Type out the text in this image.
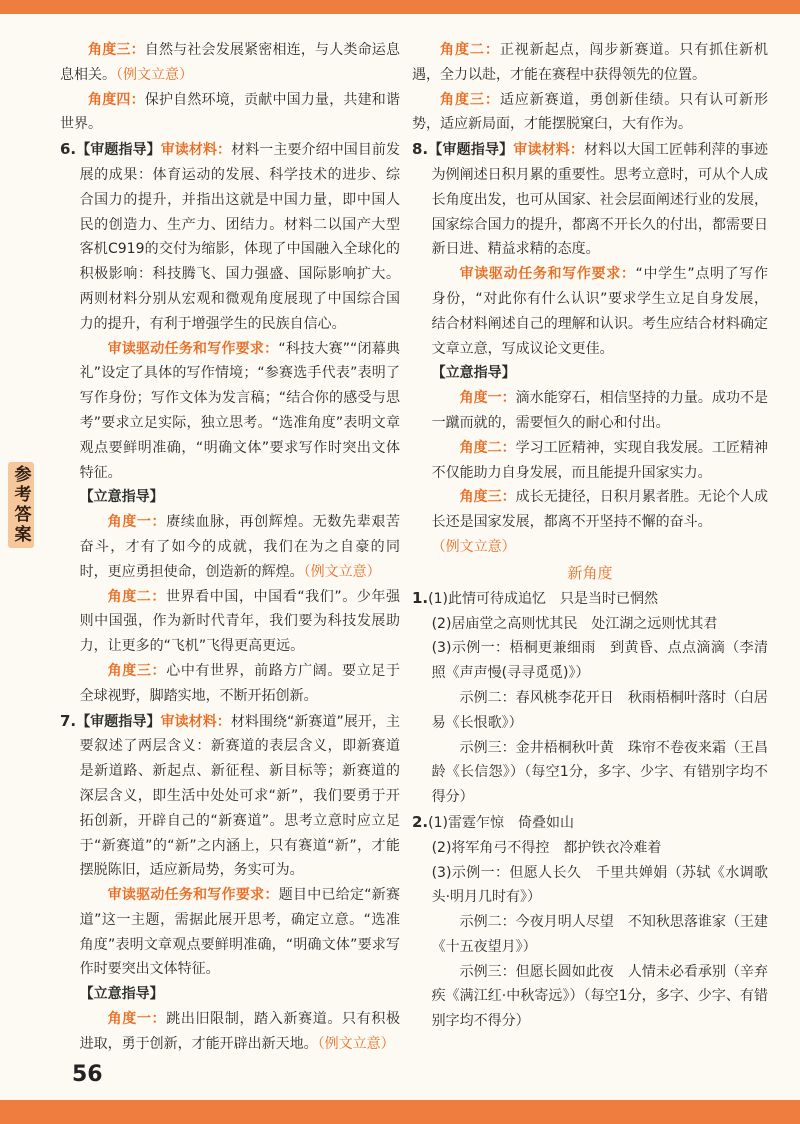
角度三：自然与社会发展紧密相连，与人类命运息息相关。（例文立意）

角度四：保护自然环境，贡献中国力量，共建和谐世界。

6.【审题指导】审读材料：材料一主要介绍中国目前发展的成果：体育运动的发展、科学技术的进步、综合国力的提升，并指出这就是中国力量，即中国人民的创造力、生产力、团结力。材料二以国产大型客机C919的交付为缩影，体现了中国融入全球化的积极影响：科技腾飞、国力强盛、国际影响扩大。两则材料分别从宏观和微观角度展现了中国综合国力的提升，有利于增强学生的民族自信心。

审读驱动任务和写作要求：“科技大赛”“闭幕典礼”设定了具体的写作情境；“参赛选手代表”表明了写作身份；写作文体为发言稿；“结合你的感受与思考”要求立足实际，独立思考。“选准角度”表明文章观点要鲜明准确，“明确文体”要求写作时突出文体特征。

【立意指导】

角度一：赓续血脉，再创辉煌。无数先辈艰苦奋斗，才有了如今的成就，我们在为之自豪的同时，更应勇担使命，创造新的辉煌。（例文立意）

角度二：世界看中国，中国看“我们”。少年强则中国强，作为新时代青年，我们要为科技发展助力，让更多的“飞机”飞得更高更远。

角度三：心中有世界，前路方广阔。要立足于全球视野，脚踏实地，不断开拓创新。

7.【审题指导】审读材料：材料围绕“新赛道”展开，主要叙述了两层含义：新赛道的表层含义，即新赛道是新道路、新起点、新征程、新目标等；新赛道的深层含义，即生活中处处可求“新”，我们要勇于开拓创新，开辟自己的“新赛道”。思考立意时应立足于“新赛道”的“新”之内涵上，只有赛道“新”，才能摆脱陈旧，适应新局势，务实可为。

审读驱动任务和写作要求：题目中已给定“新赛道”这一主题，需据此展开思考，确定立意。“选准角度”表明文章观点要鲜明准确，“明确文体”要求写作时要突出文体特征。

【立意指导】

角度一：跳出旧限制，踏入新赛道。只有积极进取，勇于创新，才能开辟出新天地。（例文立意）

角度二：正视新起点，闯步新赛道。只有抓住新机遇，全力以赴，才能在赛程中获得领先的位置。

角度三：适应新赛道，勇创新佳绩。只有认可新形势，适应新局面，才能摆脱窠臼，大有作为。

8.【审题指导】审读材料：材料以大国工匠韩利萍的事迹为例阐述日积月累的重要性。思考立意时，可从个人成长角度出发，也可从国家、社会层面阐述行业的发展，国家综合国力的提升，都离不开长久的付出，都需要日新日进、精益求精的态度。

审读驱动任务和写作要求：“中学生”点明了写作身份，“对此你有什么认识”要求学生立足自身发展，结合材料阐述自己的理解和认识。考生应结合材料确定文章立意，写成议论文更佳。

【立意指导】

角度一：滴水能穿石，相信坚持的力量。成功不是一蹴而就的，需要恒久的耐心和付出。

角度二：学习工匠精神，实现自我发展。工匠精神不仅能助力自身发展，而且能提升国家实力。

角度三：成长无捷径，日积月累者胜。无论个人成长还是国家发展，都离不开坚持不懈的奋斗。

（例文立意）

新角度

1.(1)此情可待成追忆　只是当时已惘然

(2)居庙堂之高则忧其民　处江湖之远则忧其君

(3)示例一：梧桐更兼细雨　到黄昏、点点滴滴（李清照《声声慢(寻寻觅觅)》）

示例二：春风桃李花开日　秋雨梧桐叶落时（白居易《长恨歌》）

示例三：金井梧桐秋叶黄　珠帘不卷夜来霜（王昌龄《长信怨》）（每空1分，多字、少字、有错别字均不得分）

2.(1)雷霆乍惊　倚叠如山

(2)将军角弓不得控　都护铁衣冷难着

(3)示例一：但愿人长久　千里共婵娟（苏轼《水调歌头·明月几时有》）

示例二：今夜月明人尽望　不知秋思落谁家（王建《十五夜望月》）

示例三：但愿长圆如此夜　人情未必看承别（辛弃疾《满江红·中秋寄远》）（每空1分，多字、少字、有错别字均不得分）

参考答案
56
